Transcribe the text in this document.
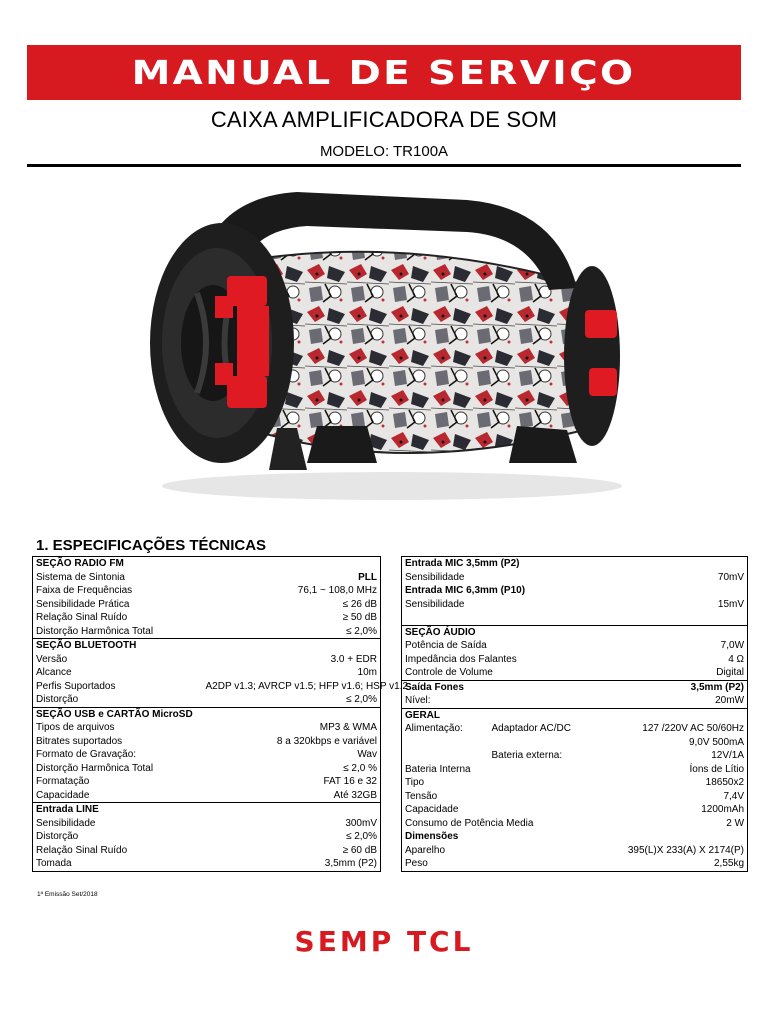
MANUAL DE SERVIÇO
CAIXA AMPLIFICADORA DE SOM
MODELO: TR100A
1. ESPECIFICAÇÕES TÉCNICAS
SEÇÃO RADIO FM	
Sistema de Sintonia	PLL
Faixa de Frequências	76,1 ~ 108,0 MHz
Sensibilidade Prática	≤ 26 dB
Relação Sinal Ruído	≥ 50 dB
Distorção Harmônica Total	≤ 2,0%
SEÇÃO BLUETOOTH	
Versão	3.0 + EDR
Alcance	10m
Perfis Suportados	A2DP v1.3; AVRCP v1.5; HFP v1.6; HSP v1.2
Distorção	≤ 2,0%
SEÇÃO USB e CARTÃO MicroSD	
Tipos de arquivos	MP3 & WMA
Bitrates suportados	8 a 320kbps e variável
Formato de Gravação:	Wav
Distorção Harmônica Total	≤ 2,0 %
Formatação	FAT 16 e 32
Capacidade	Até 32GB
Entrada LINE	
Sensibilidade	300mV
Distorção	≤ 2,0%
Relação Sinal Ruído	≥ 60 dB
Tomada	3,5mm (P2)
Entrada MIC 3,5mm (P2)		
Sensibilidade		70mV
Entrada MIC 6,3mm (P10)		
Sensibilidade		15mV

SEÇÃO ÁUDIO		
Potência de Saída		7,0W
Impedância dos Falantes		4 Ω
Controle de Volume		Digital
Saída Fones		3,5mm (P2)
Nível:		20mW
GERAL		
Alimentação:	Adaptador AC/DC	127 /220V AC 50/60Hz
		9,0V 500mA
	Bateria externa:	12V/1A
Bateria Interna		Íons de Lítio
Tipo		18650x2
Tensão		7,4V
Capacidade		1200mAh
Consumo de Potência Media		2 W
Dimensões		
Aparelho		395(L)X 233(A) X 2174(P)
Peso		2,55kg
1ª Emissão Set/2018
SEMP TCL
